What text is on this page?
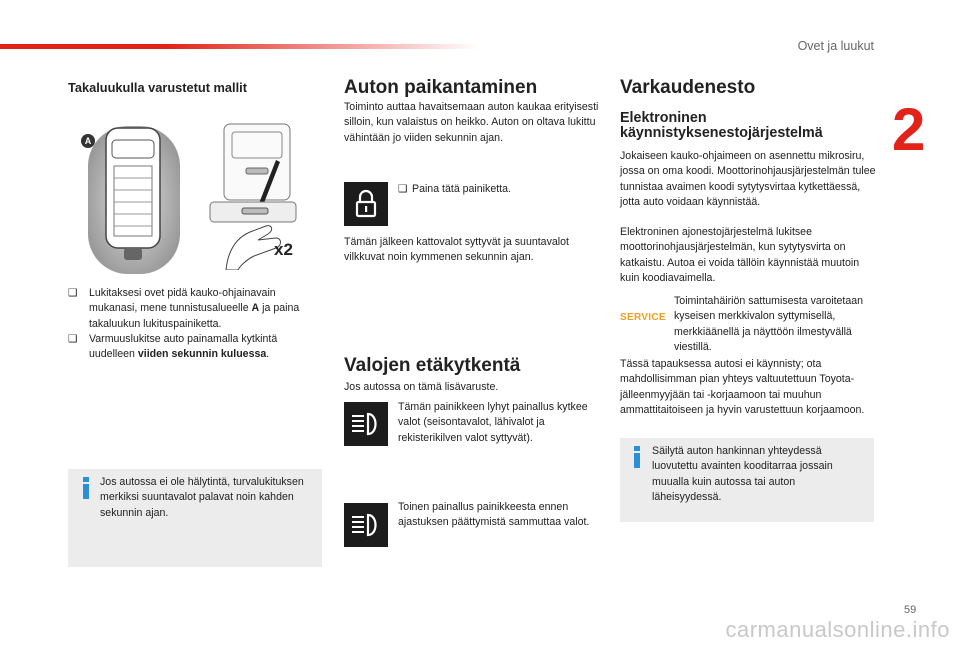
Ovet ja luukut
2
59
carmanualsonline.info
Takaluukulla varustetut mallit
A
x2

❑ Lukitaksesi ovet pidä kauko-ohjainavain mukanasi, mene tunnistusalueelle A ja paina takaluukun lukituspainiketta.

❑ Varmuuslukitse auto painamalla kytkintä uudelleen viiden sekunnin kuluessa.

Jos autossa ei ole hälytintä, turvalukituksen merkiksi suuntavalot palavat noin kahden sekunnin ajan.

Auton paikantaminen

Toiminto auttaa havaitsemaan auton kaukaa erityisesti silloin, kun valaistus on heikko. Auton on oltava lukittu vähintään jo viiden sekunnin ajan.

❑ Paina tätä painiketta.

Tämän jälkeen kattovalot syttyvät ja suuntavalot vilkkuvat noin kymmenen sekunnin ajan.

Valojen etäkytkentä

Jos autossa on tämä lisävaruste.

Tämän painikkeen lyhyt painallus kytkee valot (seisontavalot, lähivalot ja rekisterikilven valot syttyvät).

Toinen painallus painikkeesta ennen ajastuksen päättymistä sammuttaa valot.

Varkaudenesto
Elektroninen
käynnistyksenestojärjestelmä

Jokaiseen kauko-ohjaimeen on asennettu mikrosiru, jossa on oma koodi. Moottorinohjausjärjestelmän tulee tunnistaa avaimen koodi sytytysvirtaa kytkettäessä, jotta auto voidaan käynnistää.

Elektroninen ajonestojärjestelmä lukitsee moottorinohjausjärjestelmän, kun sytytysvirta on katkaistu. Autoa ei voida tällöin käynnistää muutoin kuin koodiavaimella.

SERVICE

Toimintahäiriön sattumisesta varoitetaan kyseisen merkkivalon syttymisellä, merkkiäänellä ja näyttöön ilmestyvällä viestillä.

Tässä tapauksessa autosi ei käynnisty; ota mahdollisimman pian yhteys valtuutettuun Toyota-jälleenmyyjään tai -korjaamoon tai muuhun ammattitaitoiseen ja hyvin varustettuun korjaamoon.

Säilytä auton hankinnan yhteydessä luovutettu avainten kooditarraa jossain muualla kuin autossa tai auton läheisyydessä.
